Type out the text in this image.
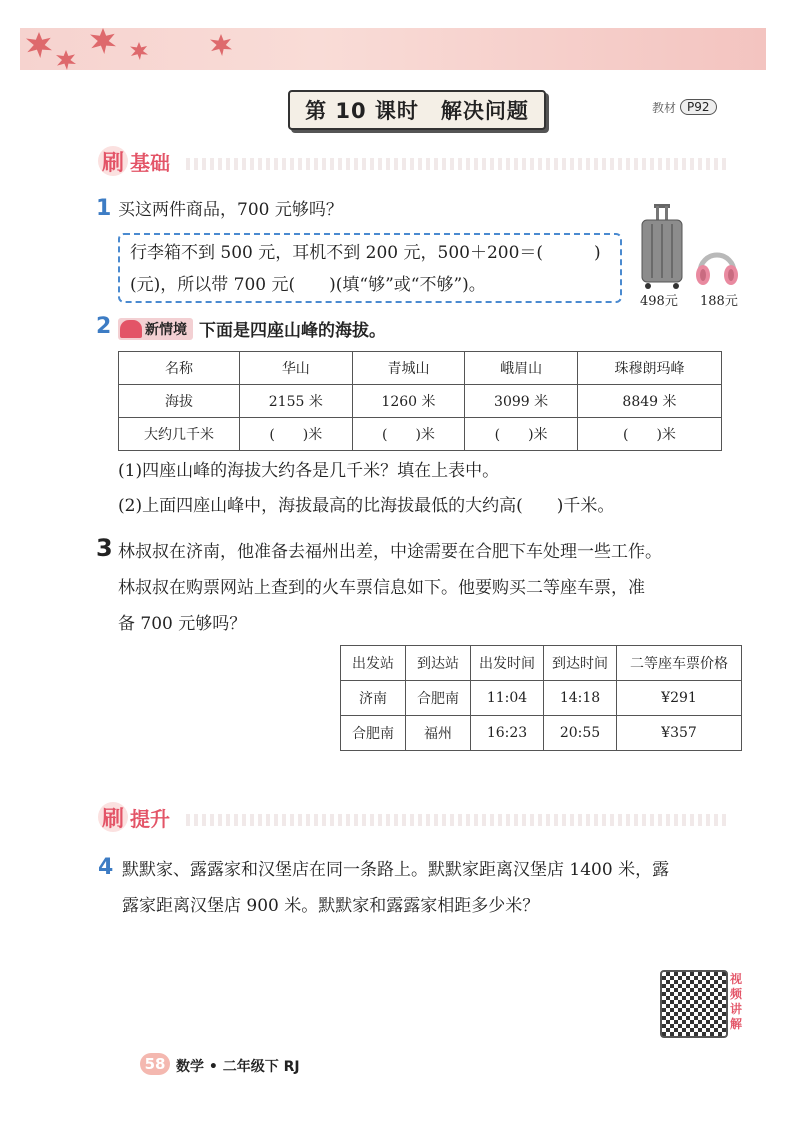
第 10 课时　解决问题	教材 P92
刷 基础
1 买这两件商品，700 元够吗？
行李箱不到 500 元，耳机不到 200 元，500＋200＝(　　　)
(元)，所以带 700 元(　　)(填“够”或“不够”)。
498元 188元
2 新情境 下面是四座山峰的海拔。
名称	华山	青城山	峨眉山	珠穆朗玛峰
海拔	2155 米	1260 米	3099 米	8849 米
大约几千米	(　　)米	(　　)米	(　　)米	(　　)米
(1)四座山峰的海拔大约各是几千米？填在上表中。
(2)上面四座山峰中，海拔最高的比海拔最低的大约高(　　)千米。
3 林叔叔在济南，他准备去福州出差，中途需要在合肥下车处理一些工作。
林叔叔在购票网站上查到的火车票信息如下。他要购买二等座车票，准
备 700 元够吗？
出发站	到达站	出发时间	到达时间	二等座车票价格
济南	合肥南	11:04	14:18	¥291
合肥南	福州	16:23	20:55	¥357
刷 提升
4 默默家、露露家和汉堡店在同一条路上。默默家距离汉堡店 1400 米，露
露家距离汉堡店 900 米。默默家和露露家相距多少米？
视频讲解
58 数学 • 二年级下 RJ
